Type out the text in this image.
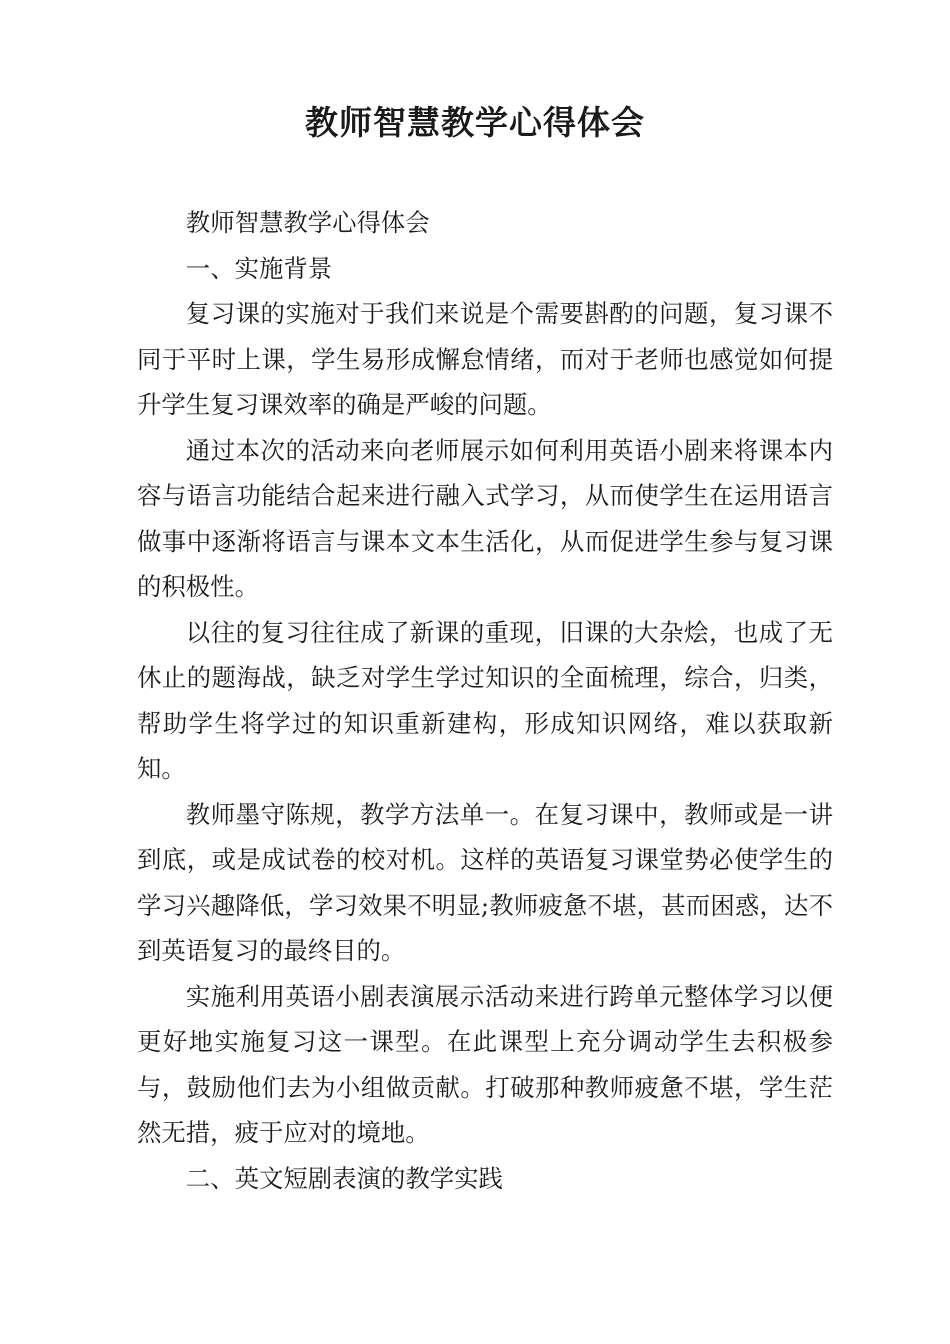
教师智慧教学心得体会

教师智慧教学心得体会

一、实施背景

复习课的实施对于我们来说是个需要斟酌的问题，复习课不同于平时上课，学生易形成懈怠情绪，而对于老师也感觉如何提升学生复习课效率的确是严峻的问题。

通过本次的活动来向老师展示如何利用英语小剧来将课本内容与语言功能结合起来进行融入式学习，从而使学生在运用语言做事中逐渐将语言与课本文本生活化，从而促进学生参与复习课的积极性。

以往的复习往往成了新课的重现，旧课的大杂烩，也成了无休止的题海战，缺乏对学生学过知识的全面梳理，综合，归类，帮助学生将学过的知识重新建构，形成知识网络，难以获取新知。

教师墨守陈规，教学方法单一。在复习课中，教师或是一讲到底，或是成试卷的校对机。这样的英语复习课堂势必使学生的学习兴趣降低，学习效果不明显;教师疲惫不堪，甚而困惑，达不到英语复习的最终目的。

实施利用英语小剧表演展示活动来进行跨单元整体学习以便更好地实施复习这一课型。在此课型上充分调动学生去积极参与，鼓励他们去为小组做贡献。打破那种教师疲惫不堪，学生茫然无措，疲于应对的境地。

二、英文短剧表演的教学实践
